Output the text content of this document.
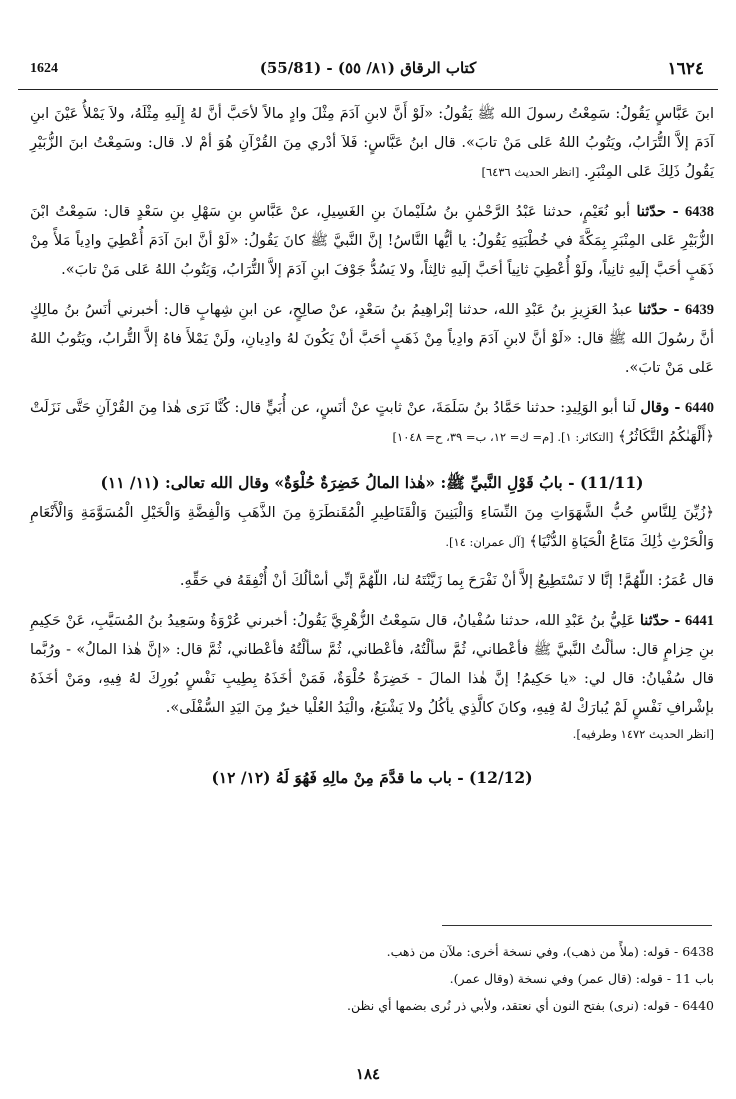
1624	(55/81) - كتاب الرقاق (٨١/ ٥٥)	١٦٢٤

ابنَ عَبَّاسٍ يَقُولُ: سَمِعْتُ رسولَ الله ﷺ يَقُولُ: «لَوْ أَنَّ لابنِ آدَمَ مِثْلَ وادٍ مالاً لأحَبَّ أنَّ لهُ إِلَيهِ مِثْلَهُ، ولاَ يَمْلأُ عَيْنَ ابنِ آدَمَ إلاَّ التُّرَابُ، ويَتُوبُ اللهُ عَلى مَنْ تابَ». قال ابنُ عَبَّاسٍ: فَلاَ أدْري مِنَ القُرْآنِ هُوَ أمْ لا. قال: وسَمِعْتُ ابنَ الزُّبَيْرِ يَقُولُ ذَلِكَ عَلى المِنْبَرِ. [انظر الحديث ٦٤٣٦]

6438 - حدّثنا أبو نُعَيْمٍ، حدثنا عَبْدُ الرَّحْمٰنِ بنُ سُلَيْمانَ بنِ الغَسِيلِ، عنْ عَبَّاسِ بنِ سَهْلِ بنِ سَعْدٍ قال: سَمِعْتُ ابْنَ الزُّبَيْرِ عَلى المِنْبَرِ بِمَكَّةَ في خُطْبَتِهِ يَقُولُ: يا أيُّها النَّاسُ! إنَّ النَّبيَّ ﷺ كانَ يَقُولُ: «لَوْ أنَّ ابنَ آدَمَ أُعْطِيَ وادِياً مَلأً مِنْ ذَهَبٍ أحَبَّ إلَيهِ ثانِياً، ولَوْ أُعْطِيَ ثانِياً أحَبَّ إلَيهِ ثالِثاً، ولا يَسُدُّ جَوْفَ ابنِ آدَمَ إلاَّ التُّرَابُ، وَيَتُوبُ اللهُ عَلى مَنْ تابَ».

6439 - حدّثنا عبدُ العَزِيزِ بنُ عَبْدِ الله، حدثنا إبْراهِيمُ بنُ سَعْدٍ، عنْ صالِحٍ، عن ابنِ شِهابٍ قال: أخبرني أنَسُ بنُ مالِكٍ أنَّ رسُولَ الله ﷺ قال: «لَوْ أنَّ لابنِ آدَمَ وادِياً مِنْ ذَهَبٍ أحَبَّ أنْ يَكُونَ لهُ وادِيانِ، ولَنْ يَمْلأَ فاهُ إلاَّ التُّرابُ، ويَتُوبُ اللهُ عَلى مَنْ تابَ».

6440 - وقال لَنا أبو الوَلِيدِ: حدثنا حَمَّادُ بنُ سَلَمَةَ، عنْ ثابتٍ عنْ أنَسٍ، عن أُبَيٍّ قال: كُنَّا نَرَى هٰذا مِنَ القُرْآنِ حَتَّى نَزَلَتْ ﴿أَلْهَىٰكُمُ التَّكَاثُرُ﴾ [التكاثر: ١]. [م= ك= ١٢، ب= ٣٩، ح= ١٠٤٨]

(11/11) - بابُ قَوْلِ النَّبيِّ ﷺ: «هٰذا المالُ خَضِرَةٌ حُلْوَةٌ» وقال الله تعالى: (١١/ ١١)

﴿زُيِّنَ لِلنَّاسِ حُبُّ الشَّهَوَاتِ مِنَ النِّسَاءِ وَالْبَنِينَ وَالْقَنَاطِيرِ الْمُقَنطَرَةِ مِنَ الذَّهَبِ وَالْفِضَّةِ وَالْخَيْلِ الْمُسَوَّمَةِ وَالْأَنْعَامِ وَالْحَرْثِ ذَٰلِكَ مَتَاعُ الْحَيَاةِ الدُّنْيَا﴾ [آل عمران: ١٤].

قال عُمَرُ: اللّهُمَّ! إنَّا لا نَسْتَطِيعُ إلاَّ أنْ نَفْرَحَ بِما زَيَّنْتَهُ لنا، اللّهُمَّ إنِّي أسْألُكَ أنْ أُنْفِقَهُ في حَقِّهِ.

6441 - حدّثنا عَلِيُّ بنُ عَبْدِ الله، حدثنا سُفْيانُ، قال سَمِعْتُ الزُّهْرِيَّ يَقُولُ: أخبرني عُرْوَةُ وسَعِيدُ بنُ المُسَيَّبِ، عَنْ حَكِيمِ بنِ حِزامٍ قال: سألْتُ النَّبيَّ ﷺ فأعْطاني، ثُمَّ سألْتُهُ، فأعْطاني، ثُمَّ سألْتُهُ فأعْطاني، ثُمَّ قال: «إنَّ هٰذا المالُ» - ورُبَّما قال سُفْيانُ: قال لي: «يا حَكِيمُ! إنَّ هٰذا المالَ - خَضِرَةٌ حُلْوَةٌ، فَمَنْ أخَذَهُ بِطِيبِ نَفْسٍ بُورِكَ لهُ فِيهِ، ومَنْ أخَذَهُ بإشْرافِ نَفْسٍ لَمْ يُبارَكْ لهُ فِيهِ، وكانَ كالَّذِي يأكُلُ ولا يَشْبَعُ، والْيَدُ العُلْيا خيرٌ مِنَ اليَدِ السُّفْلَى».

[انظر الحديث ١٤٧٢ وطرفيه].
(12/12) - باب ما قدَّمَ مِنْ مالِهِ فَهُوَ لَهُ (١٢/ ١٢)

6438 - قوله: (ملأً من ذهب)، وفي نسخة أخرى: ملآن من ذهب.

باب 11 - قوله: (قال عمر) وفي نسخة (وقال عمر).

6440 - قوله: (نرى) بفتح النون أي نعتقد، ولأبي ذر نُرى بضمها أي نظن.

١٨٤
